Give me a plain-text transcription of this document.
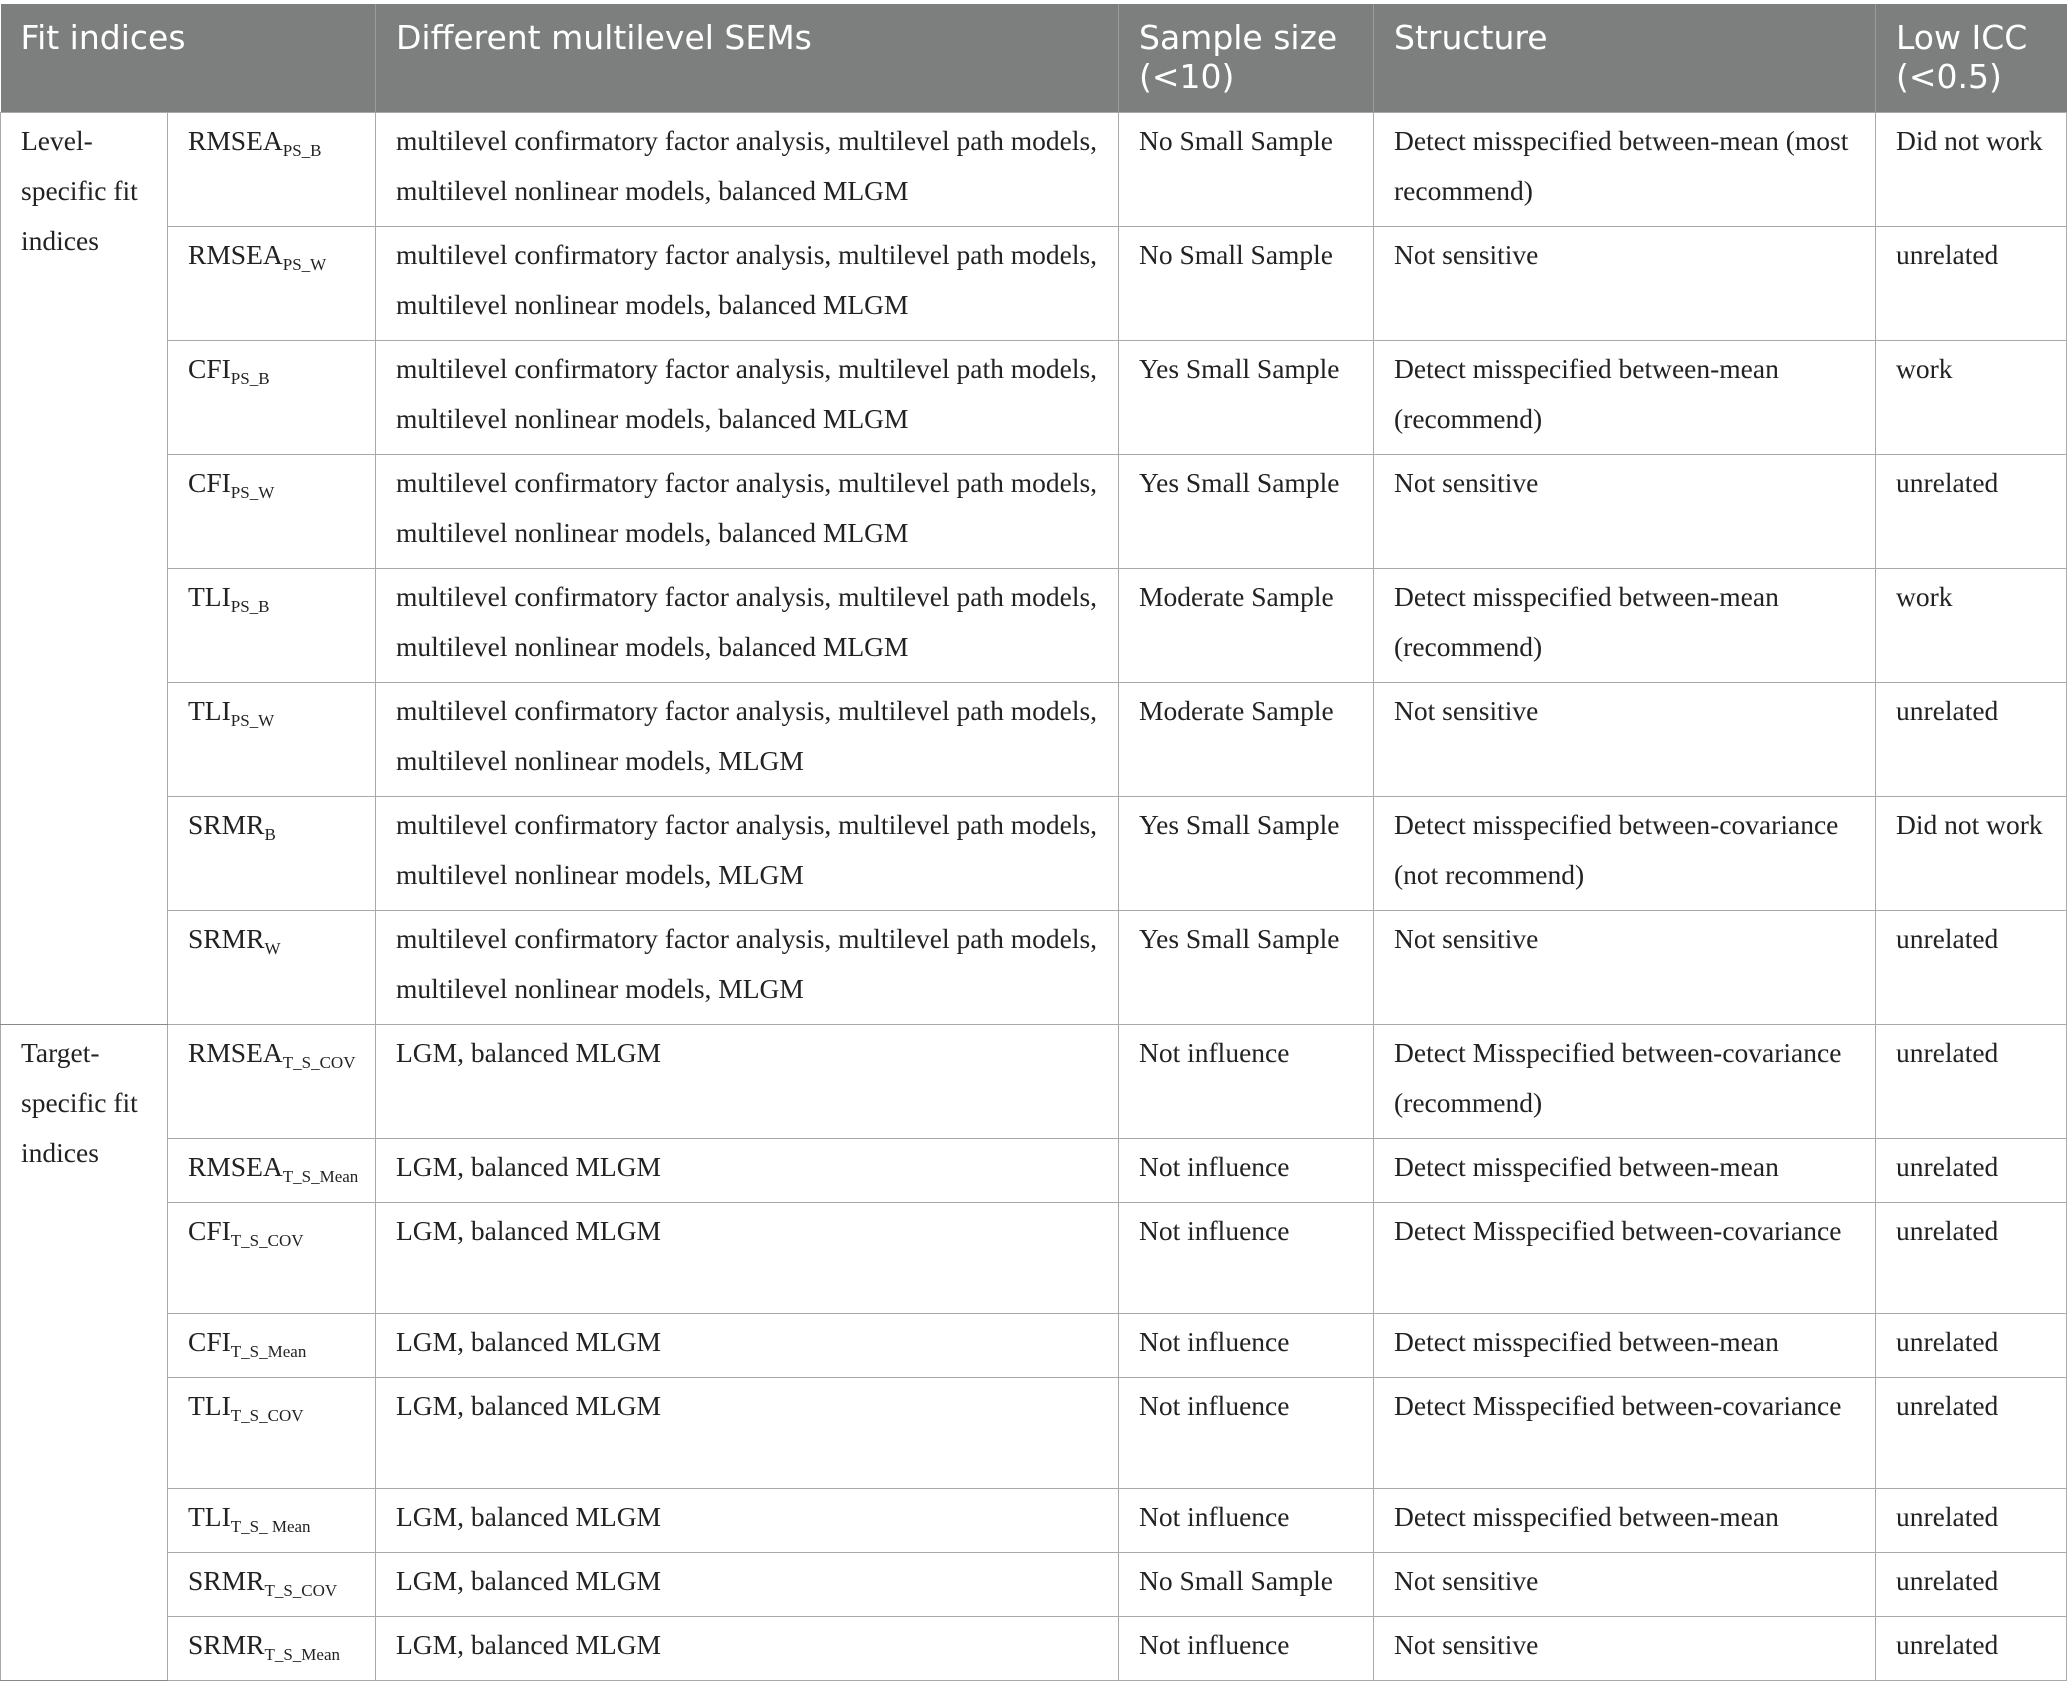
Fit indices		Different multilevel SEMs	Sample size (<10)	Structure	Low ICC (<0.5)
Level-specific fit indices	$RMSEA_{PS\_B}$	multilevel confirmatory factor analysis, multilevel path models, multilevel nonlinear models, balanced MLGM	No Small Sample	Detect misspecified between-mean (most recommend)	Did not work
	$RMSEA_{PS\_W}$	multilevel confirmatory factor analysis, multilevel path models, multilevel nonlinear models, balanced MLGM	No Small Sample	Not sensitive	unrelated
	$CFI_{PS\_B}$	multilevel confirmatory factor analysis, multilevel path models, multilevel nonlinear models, balanced MLGM	Yes Small Sample	Detect misspecified between-mean (recommend)	work
	$CFI_{PS\_W}$	multilevel confirmatory factor analysis, multilevel path models, multilevel nonlinear models, balanced MLGM	Yes Small Sample	Not sensitive	unrelated
	$TLI_{PS\_B}$	multilevel confirmatory factor analysis, multilevel path models, multilevel nonlinear models, balanced MLGM	Moderate Sample	Detect misspecified between-mean (recommend)	work
	$TLI_{PS\_W}$	multilevel confirmatory factor analysis, multilevel path models, multilevel nonlinear models, MLGM	Moderate Sample	Not sensitive	unrelated
	$SRMR_B$	multilevel confirmatory factor analysis, multilevel path models, multilevel nonlinear models, MLGM	Yes Small Sample	Detect misspecified between-covariance (not recommend)	Did not work
	$SRMR_W$	multilevel confirmatory factor analysis, multilevel path models, multilevel nonlinear models, MLGM	Yes Small Sample	Not sensitive	unrelated
Target-specific fit indices	$RMSEA_{T\_S\_COV}$	LGM, balanced MLGM	Not influence	Detect Misspecified between-covariance (recommend)	unrelated
	$RMSEA_{T\_S\_Mean}$	LGM, balanced MLGM	Not influence	Detect misspecified between-mean	unrelated
	$CFI_{T\_S\_COV}$	LGM, balanced MLGM	Not influence	Detect Misspecified between-covariance	unrelated
	$CFI_{T\_S\_Mean}$	LGM, balanced MLGM	Not influence	Detect misspecified between-mean	unrelated
	$TLI_{T\_S\_COV}$	LGM, balanced MLGM	Not influence	Detect Misspecified between-covariance	unrelated
	$TLI_{T\_S\_ Mean}$	LGM, balanced MLGM	Not influence	Detect misspecified between-mean	unrelated
	$SRMR_{T\_S\_COV}$	LGM, balanced MLGM	No Small Sample	Not sensitive	unrelated
	$SRMR_{T\_S\_Mean}$	LGM, balanced MLGM	Not influence	Not sensitive	unrelated
